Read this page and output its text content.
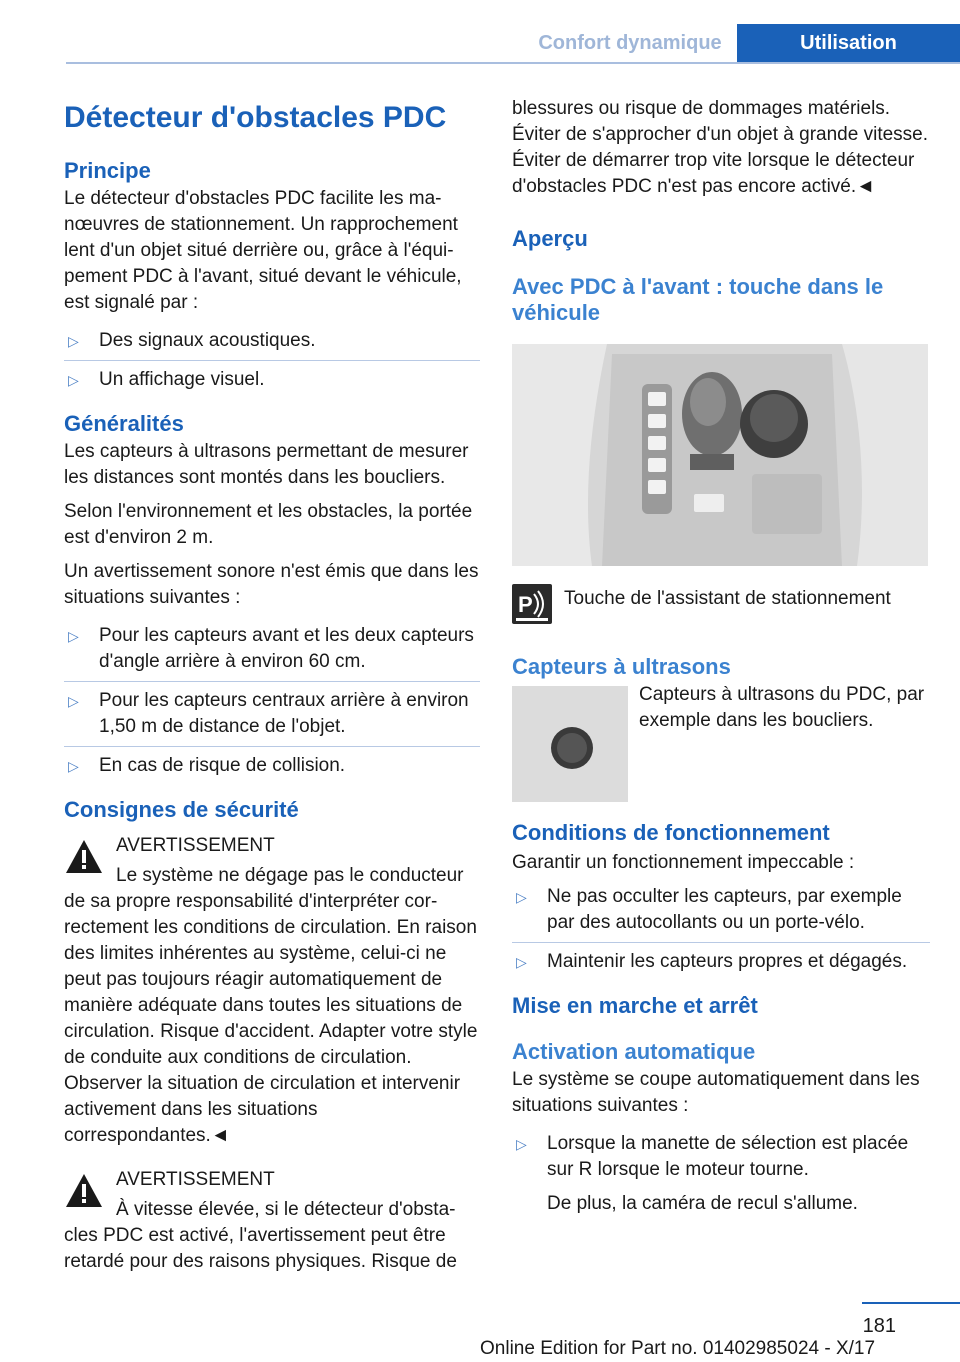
Confort dynamique	Utilisation
Détecteur d'obstacles PDC
Principe

Le détecteur d'obstacles PDC facilite les manœuvres de stationnement. Un rapprochement lent d'un objet situé derrière ou, grâce à l'équipement PDC à l'avant, situé devant le véhicule, est signalé par :

▷ Des signaux acoustiques.
▷ Un affichage visuel.
Généralités

Les capteurs à ultrasons permettant de mesurer les distances sont montés dans les boucliers.

Selon l'environnement et les obstacles, la portée est d'environ 2 m.

Un avertissement sonore n'est émis que dans les situations suivantes :

▷ Pour les capteurs avant et les deux capteurs d'angle arrière à environ 60 cm.
▷ Pour les capteurs centraux arrière à environ 1,50 m de distance de l'objet.
▷ En cas de risque de collision.
Consignes de sécurité

AVERTISSEMENT

Le système ne dégage pas le conducteur de sa propre responsabilité d'interpréter correctement les conditions de circulation. En raison des limites inhérentes au système, celui-ci ne peut pas toujours réagir automatiquement de manière adéquate dans toutes les situations de circulation. Risque d'accident. Adapter votre style de conduite aux conditions de circulation. Observer la situation de circulation et intervenir activement dans les situations correspondantes.◄

AVERTISSEMENT

À vitesse élevée, si le détecteur d'obstacles PDC est activé, l'avertissement peut être retardé pour des raisons physiques. Risque de

blessures ou risque de dommages matériels. Éviter de s'approcher d'un objet à grande vitesse. Éviter de démarrer trop vite lorsque le détecteur d'obstacles PDC n'est pas encore activé.◄

Aperçu
Avec PDC à l'avant : touche dans le véhicule
P Touche de l'assistant de stationnement

Capteurs à ultrasons

Capteurs à ultrasons du PDC, par exemple dans les boucliers.

Conditions de fonctionnement

Garantir un fonctionnement impeccable :

▷ Ne pas occulter les capteurs, par exemple par des autocollants ou un porte-vélo.
▷ Maintenir les capteurs propres et dégagés.
Mise en marche et arrêt
Activation automatique

Le système se coupe automatiquement dans les situations suivantes :

▷ Lorsque la manette de sélection est placée sur R lorsque le moteur tourne.

De plus, la caméra de recul s'allume.

181
Online Edition for Part no. 01402985024 - X/17
